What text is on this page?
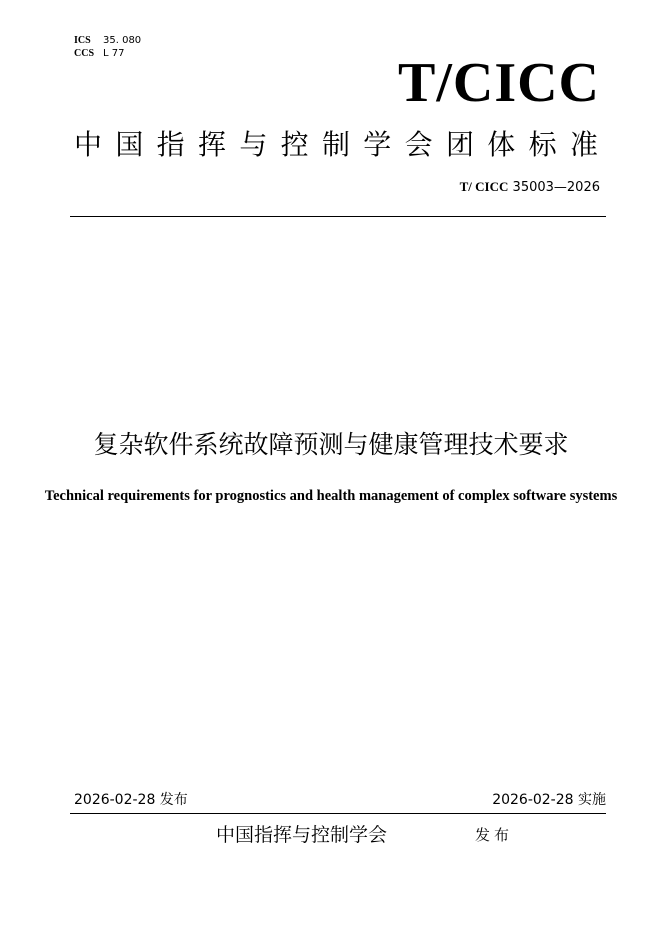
ICS 35. 080
CCS L 77	T/CICC
中 国 指 挥 与 控 制 学 会 团 体 标 准
T/ CICC 35003—2026
复杂软件系统故障预测与健康管理技术要求
Technical requirements for prognostics and health management of complex software systems
2026-02-28 发布	2026-02-28 实施
中国指挥与控制学会	发布
